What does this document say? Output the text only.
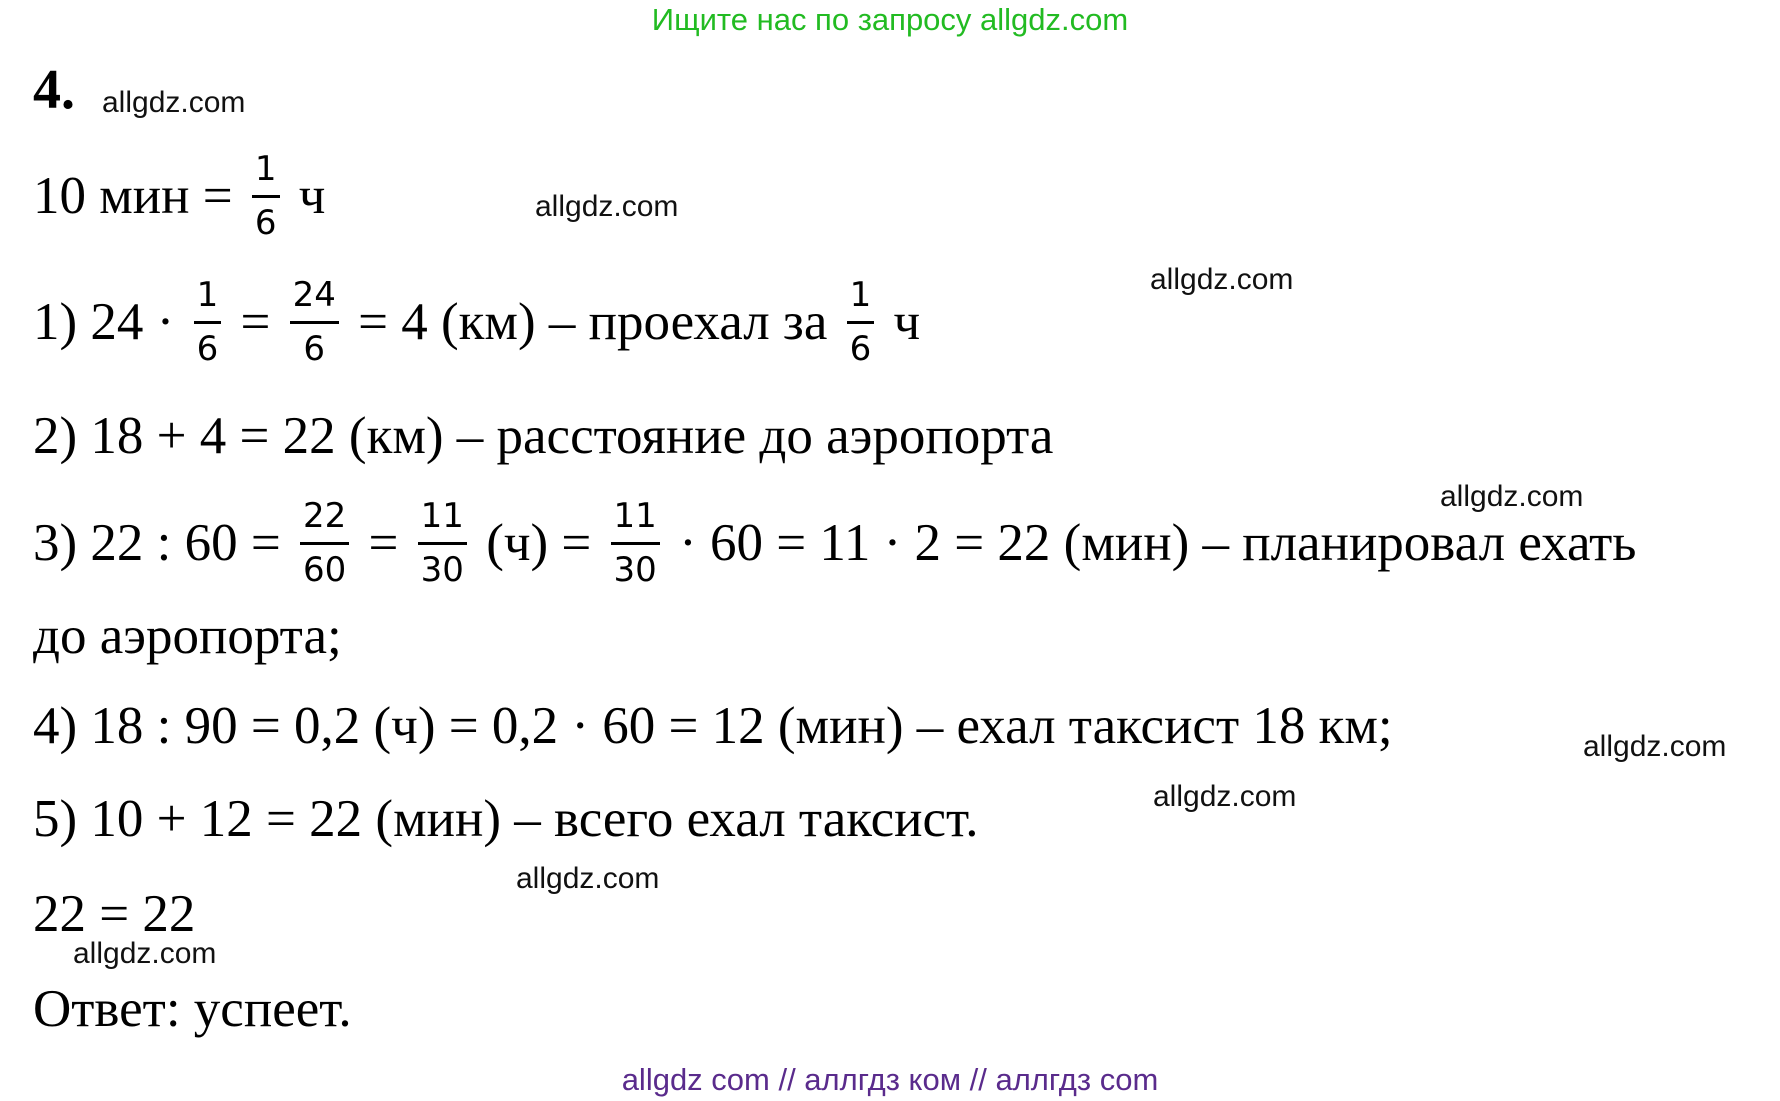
Ищите нас по запросу allgdz.com
4.
10 мин = $\frac{1}{6}$ ч
1) $24 \cdot \frac{1}{6} = \frac{24}{6} = 4$ (км) – проехал за $\frac{1}{6}$ ч
2) 18 + 4 = 22 (км) – расстояние до аэропорта
3) 22 : $60 = \frac{22}{60} = \frac{11}{30} (ч) = \frac{11}{30} \cdot 60 = 11 \cdot 2 = 22$ (мин) – планировал ехать
до аэропорта;
4) 18 : 90 = 0,2 (ч) = 0,2 · 60 = 12 (мин) – ехал таксист 18 км;
5) 10 + 12 = 22 (мин) – всего ехал таксист.
22 = 22
Ответ: успеет.
allgdz.com
allgdz.com
allgdz.com
allgdz.com
allgdz.com
allgdz.com
allgdz.com
allgdz.com
allgdz com // аллгдз ком // аллгдз com
